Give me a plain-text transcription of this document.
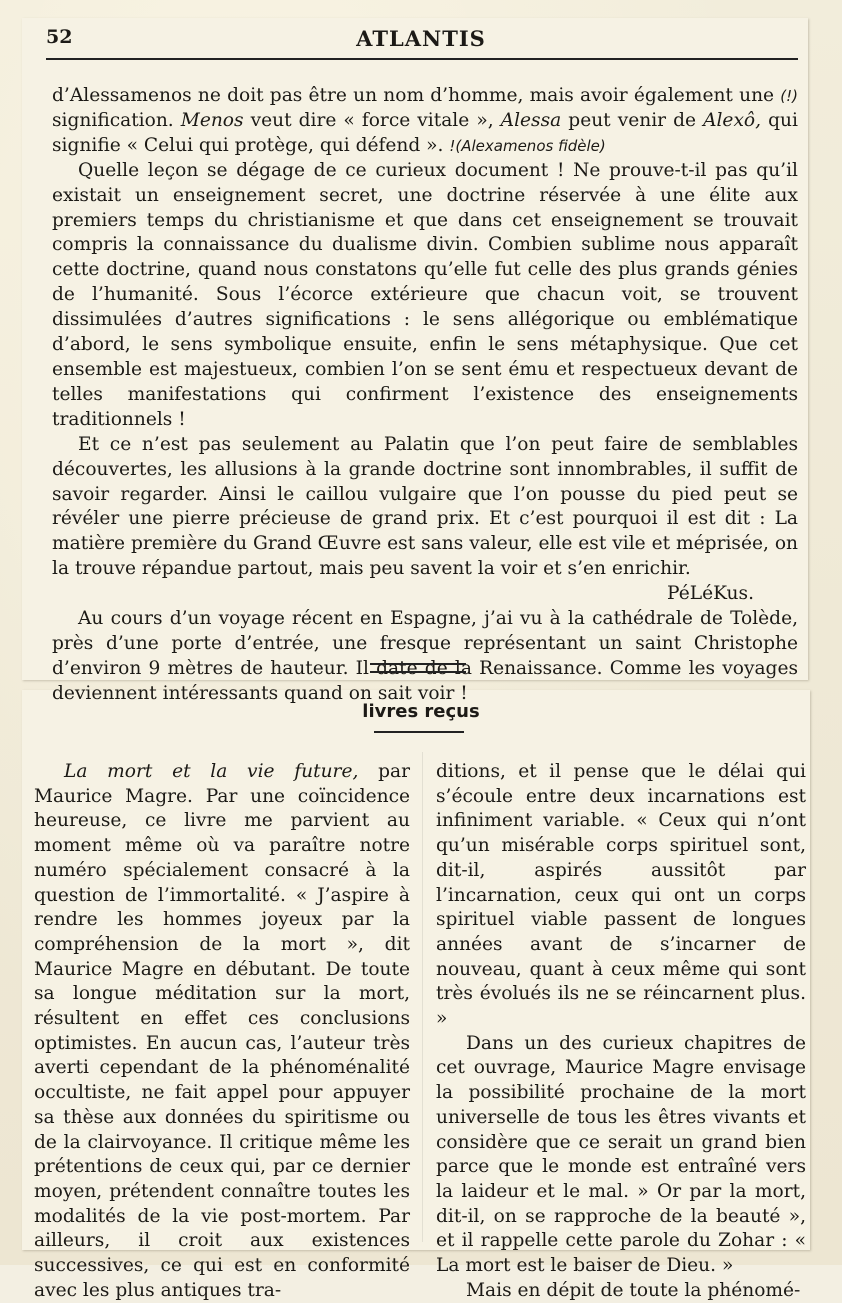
52	ATLANTIS

d’Alessamenos ne doit pas être un nom d’homme, mais avoir également une (!) signification. Menos veut dire « force vitale », Alessa peut venir de Alexô, qui signifie « Celui qui protège, qui défend ». !(Alexamenos fidèle)

Quelle leçon se dégage de ce curieux document ! Ne prouve-t-il pas qu’il existait un enseignement secret, une doctrine réservée à une élite aux premiers temps du christianisme et que dans cet enseignement se trouvait compris la connaissance du dualisme divin. Combien sublime nous apparaît cette doctrine, quand nous constatons qu’elle fut celle des plus grands génies de l’humanité. Sous l’écorce extérieure que chacun voit, se trouvent dissimulées d’autres significations : le sens allégorique ou emblématique d’abord, le sens symbolique ensuite, enfin le sens métaphysique. Que cet ensemble est majestueux, combien l’on se sent ému et respectueux devant de telles manifestations qui confirment l’existence des enseignements traditionnels !

Et ce n’est pas seulement au Palatin que l’on peut faire de semblables découvertes, les allusions à la grande doctrine sont innombrables, il suffit de savoir regarder. Ainsi le caillou vulgaire que l’on pousse du pied peut se révéler une pierre précieuse de grand prix. Et c’est pourquoi il est dit : La matière première du Grand Œuvre est sans valeur, elle est vile et méprisée, on la trouve répandue partout, mais peu savent la voir et s’en enrichir.

PéLéKus.

Au cours d’un voyage récent en Espagne, j’ai vu à la cathédrale de Tolède, près d’une porte d’entrée, une fresque représentant un saint Christophe d’environ 9 mètres de hauteur. Il date de la Renaissance. Comme les voyages deviennent intéressants quand on sait voir !

livres reçus

La mort et la vie future, par Maurice Magre. Par une coïncidence heureuse, ce livre me parvient au moment même où va paraître notre numéro spécialement consacré à la question de l’immortalité. « J’aspire à rendre les hommes joyeux par la compréhension de la mort », dit Maurice Magre en débutant. De toute sa longue méditation sur la mort, résultent en effet ces conclusions optimistes. En aucun cas, l’auteur très averti cependant de la phénoménalité occultiste, ne fait appel pour appuyer sa thèse aux données du spiritisme ou de la clairvoyance. Il critique même les prétentions de ceux qui, par ce dernier moyen, prétendent connaître toutes les modalités de la vie post-mortem. Par ailleurs, il croit aux existences successives, ce qui est en conformité avec les plus antiques tra-

ditions, et il pense que le délai qui s’écoule entre deux incarnations est infiniment variable. « Ceux qui n’ont qu’un misérable corps spirituel sont, dit-il, aspirés aussitôt par l’incarnation, ceux qui ont un corps spirituel viable passent de longues années avant de s’incarner de nouveau, quant à ceux même qui sont très évolués ils ne se réincarnent plus. »

Dans un des curieux chapitres de cet ouvrage, Maurice Magre envisage la possibilité prochaine de la mort universelle de tous les êtres vivants et considère que ce serait un grand bien parce que le monde est entraîné vers la laideur et le mal. » Or par la mort, dit-il, on se rapproche de la beauté », et il rappelle cette parole du Zohar : « La mort est le baiser de Dieu. »

Mais en dépit de toute la phénomé-
